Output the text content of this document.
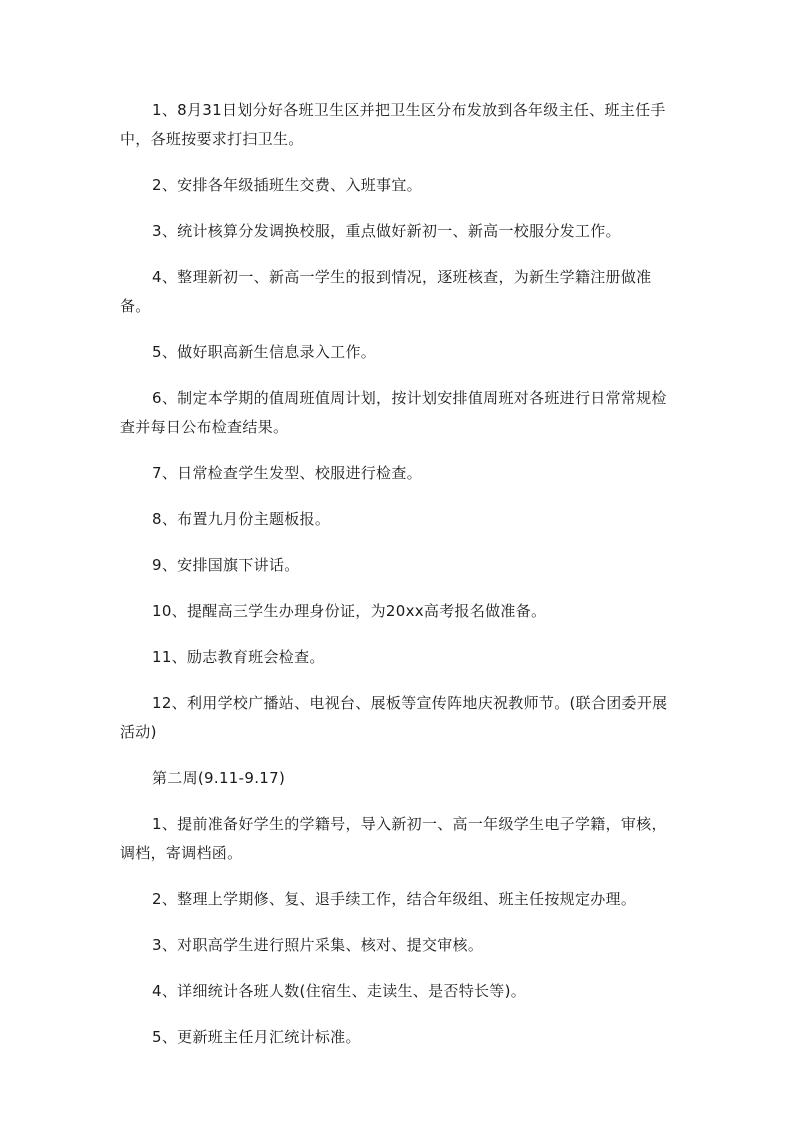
1、8月31日划分好各班卫生区并把卫生区分布发放到各年级主任、班主任手中，各班按要求打扫卫生。

2、安排各年级插班生交费、入班事宜。

3、统计核算分发调换校服，重点做好新初一、新高一校服分发工作。

4、整理新初一、新高一学生的报到情况，逐班核查，为新生学籍注册做准备。

5、做好职高新生信息录入工作。

6、制定本学期的值周班值周计划，按计划安排值周班对各班进行日常常规检查并每日公布检查结果。

7、日常检查学生发型、校服进行检查。

8、布置九月份主题板报。

9、安排国旗下讲话。

10、提醒高三学生办理身份证，为20xx高考报名做准备。

11、励志教育班会检查。

12、利用学校广播站、电视台、展板等宣传阵地庆祝教师节。(联合团委开展活动)

第二周(9.11-9.17)

1、提前准备好学生的学籍号，导入新初一、高一年级学生电子学籍，审核，调档，寄调档函。

2、整理上学期修、复、退手续工作，结合年级组、班主任按规定办理。

3、对职高学生进行照片采集、核对、提交审核。

4、详细统计各班人数(住宿生、走读生、是否特长等)。

5、更新班主任月汇统计标准。
